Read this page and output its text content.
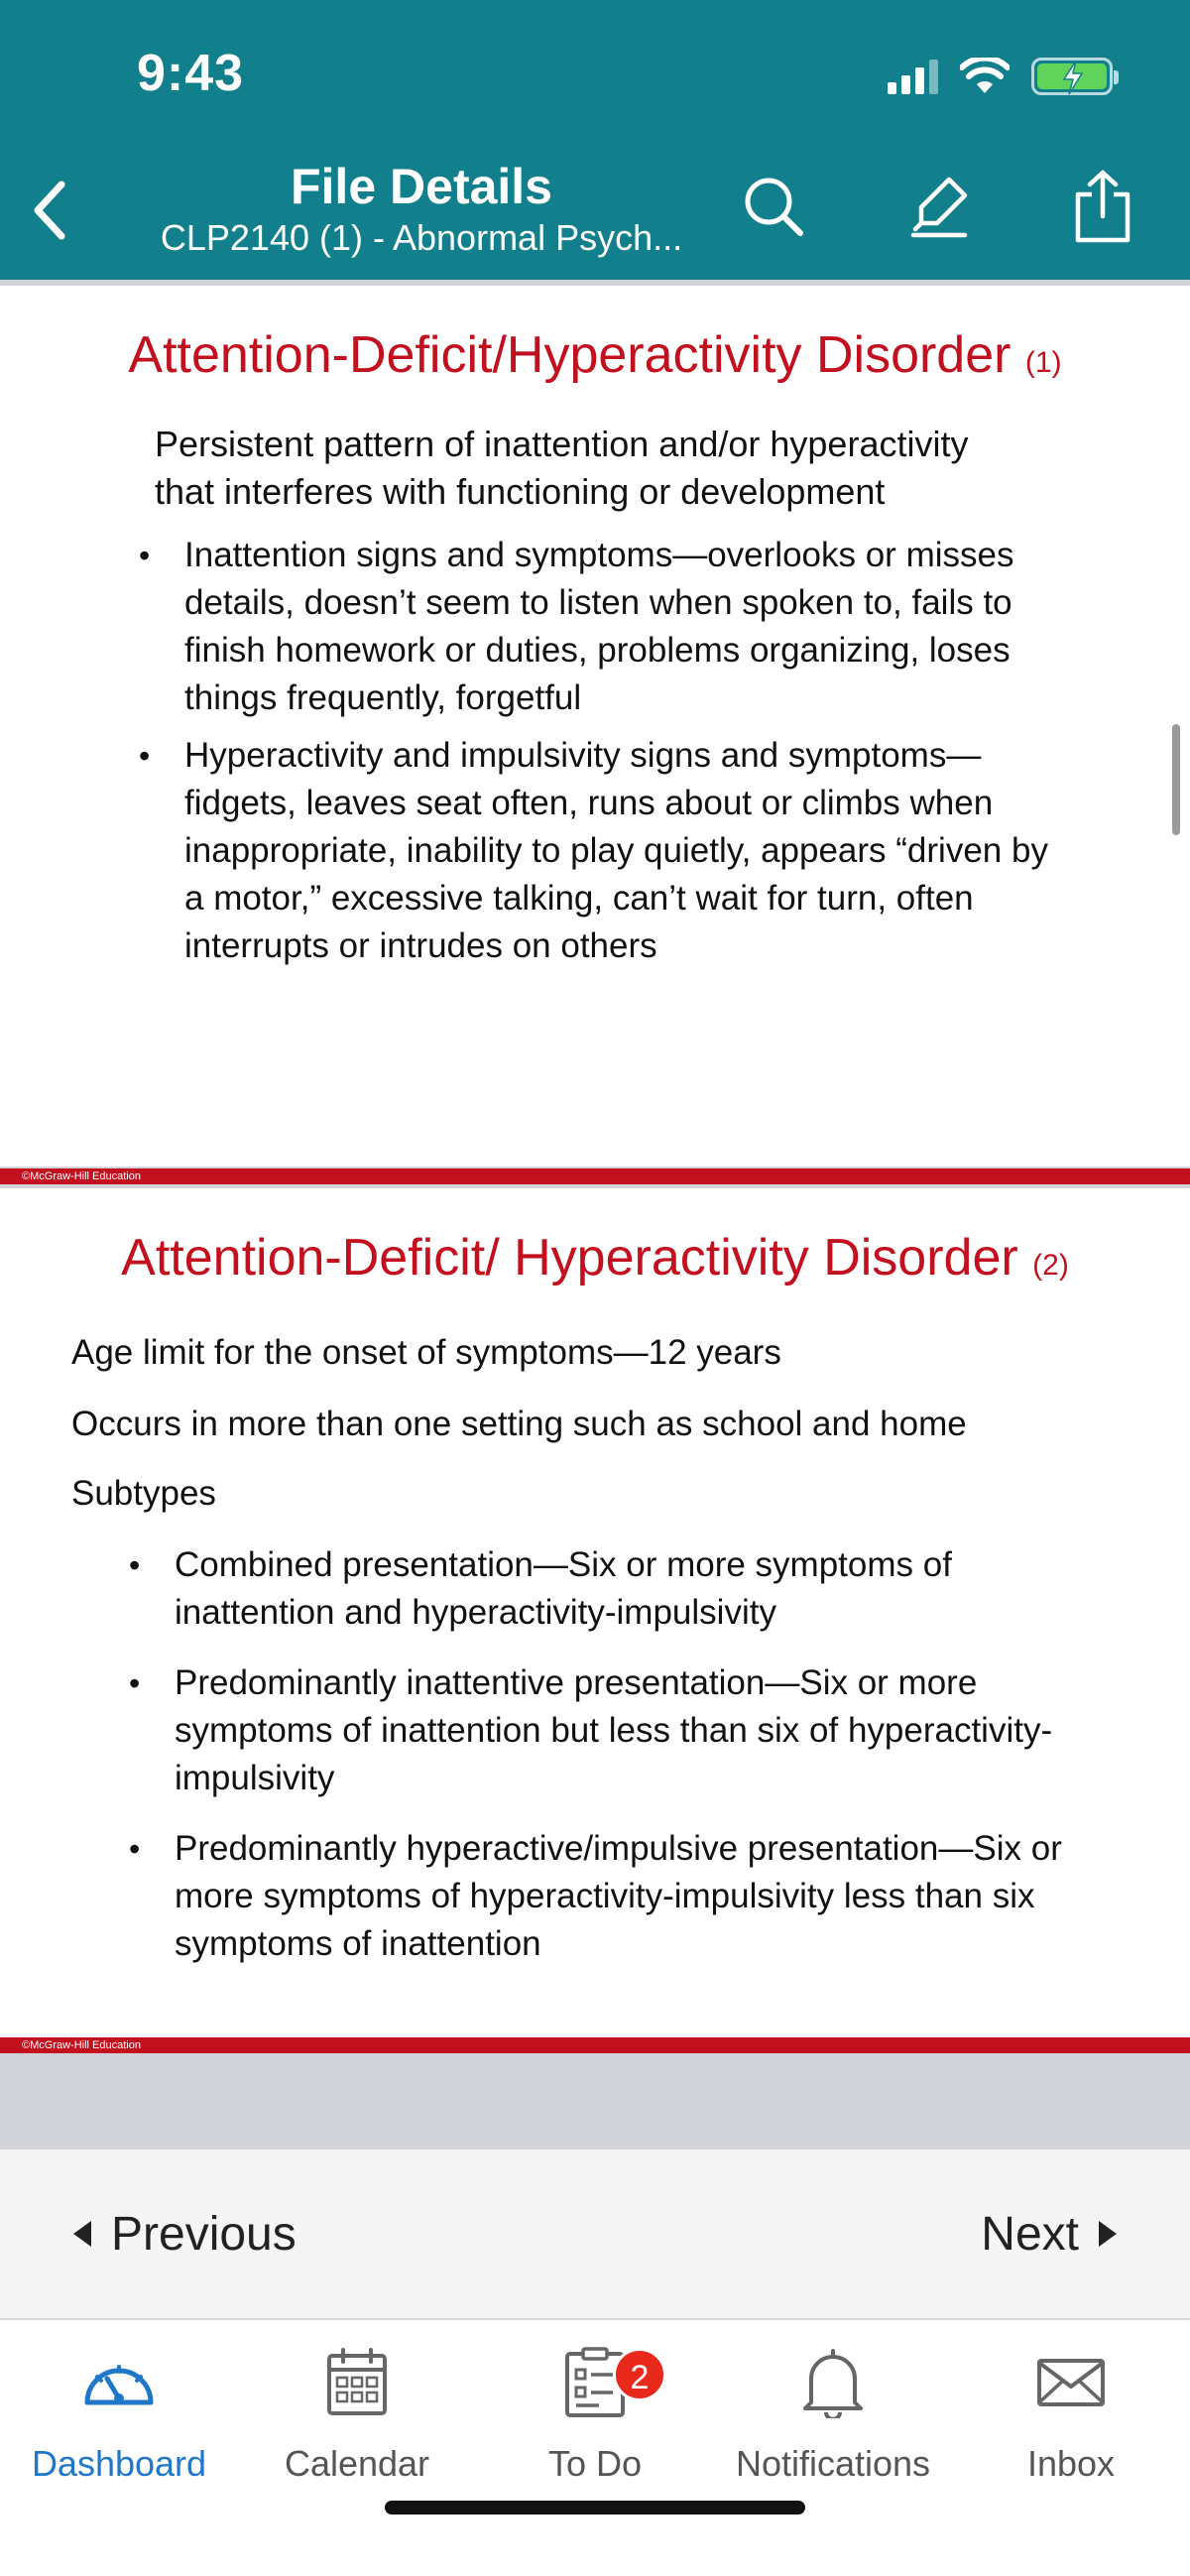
9:43
File Details
CLP2140 (1) - Abnormal Psych...
Attention-Deficit/Hyperactivity Disorder (1)
Persistent pattern of inattention and/or hyperactivity
that interferes with functioning or development
• Inattention signs and symptoms—overlooks or misses
details, doesn’t seem to listen when spoken to, fails to
finish homework or duties, problems organizing, loses
things frequently, forgetful
• Hyperactivity and impulsivity signs and symptoms—
fidgets, leaves seat often, runs about or climbs when
inappropriate, inability to play quietly, appears “driven by
a motor,” excessive talking, can’t wait for turn, often
interrupts or intrudes on others
©McGraw-Hill Education
Attention-Deficit/ Hyperactivity Disorder (2)
Age limit for the onset of symptoms—12 years
Occurs in more than one setting such as school and home
Subtypes
• Combined presentation—Six or more symptoms of
inattention and hyperactivity-impulsivity
• Predominantly inattentive presentation—Six or more
symptoms of inattention but less than six of hyperactivity-
impulsivity
• Predominantly hyperactive/impulsive presentation—Six or
more symptoms of hyperactivity-impulsivity less than six
symptoms of inattention
©McGraw-Hill Education
Previous	Next
Dashboard	Calendar
2
To Do	Notifications	Inbox
